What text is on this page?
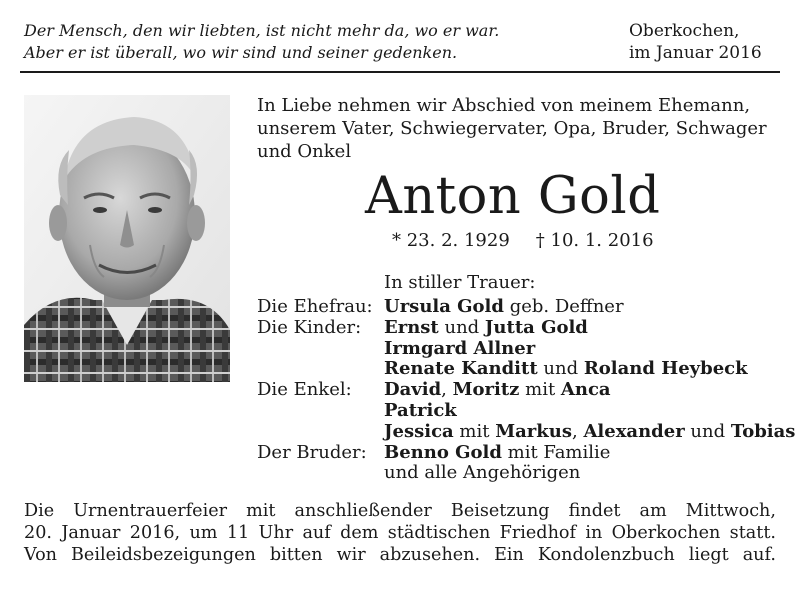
Der Mensch, den wir liebten, ist nicht mehr da, wo er war.
Aber er ist überall, wo wir sind und seiner gedenken.
Oberkochen,
im Januar 2016
In Liebe nehmen wir Abschied von meinem Ehemann,
unserem Vater, Schwiegervater, Opa, Bruder, Schwager
und Onkel
Anton Gold
* 23. 2. 1929 † 10. 1. 2016
In stiller Trauer:
Die Ehefrau: Ursula Gold geb. Deffner
Die Kinder:	Ernst und Jutta Gold
Irmgard Allner
Renate Kanditt und Roland Heybeck
Die Enkel:	David, Moritz mit Anca
Patrick
Jessica mit Markus, Alexander und Tobias
Der Bruder: Benno Gold mit Familie
und alle Angehörigen
Die Urnentrauerfeier mit anschließender Beisetzung findet am Mittwoch,
20. Januar 2016, um 11 Uhr auf dem städtischen Friedhof in Oberkochen statt.
Von Beileidsbezeigungen bitten wir abzusehen. Ein Kondolenzbuch liegt auf.
